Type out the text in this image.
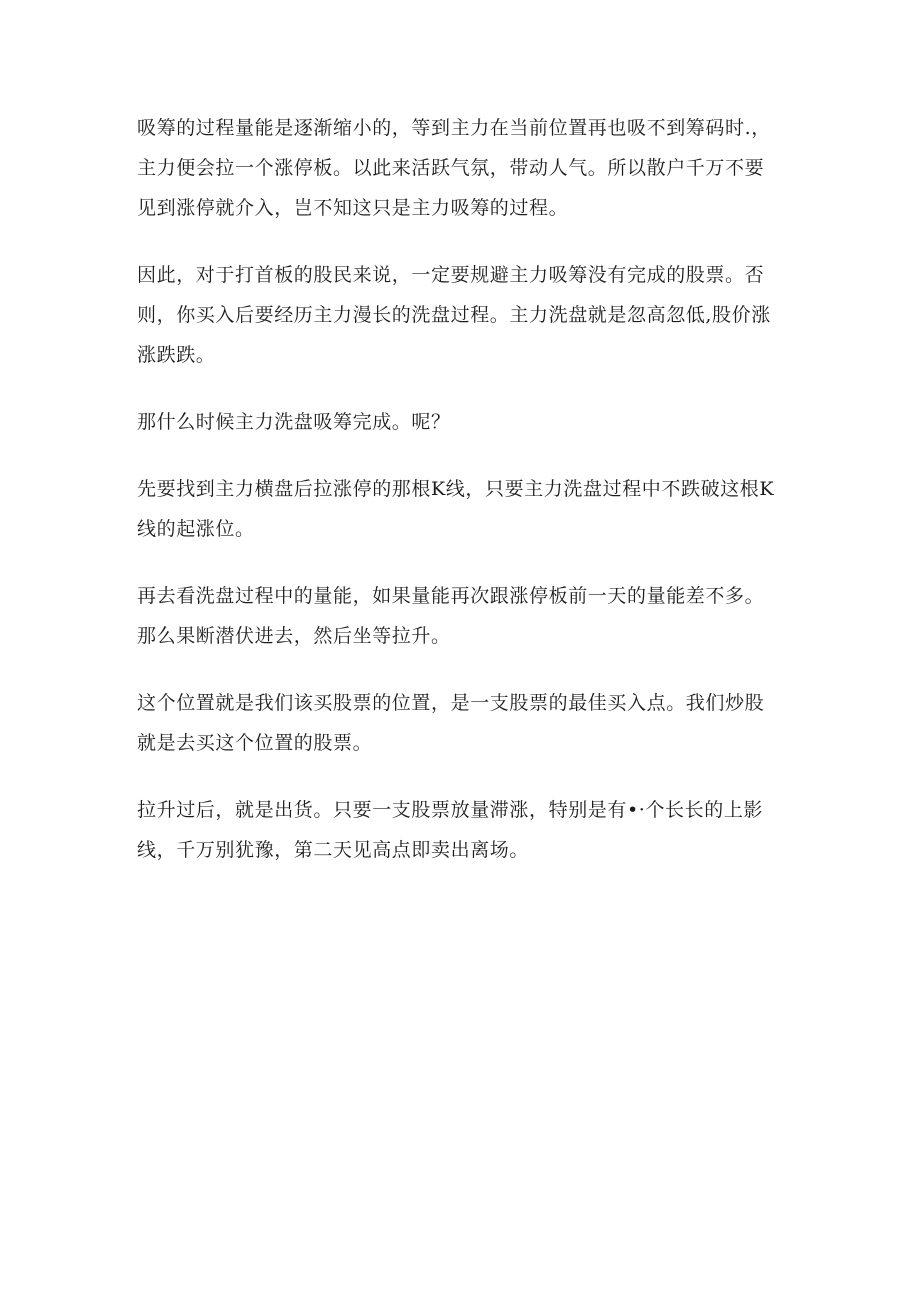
吸筹的过程量能是逐渐缩小的，等到主力在当前位置再也吸不到筹码时.，
主力便会拉一个涨停板。以此来活跃气氛，带动人气。所以散户千万不要
见到涨停就介入，岂不知这只是主力吸筹的过程。

因此，对于打首板的股民来说，一定要规避主力吸筹没有完成的股票。否
则，你买入后要经历主力漫长的洗盘过程。主力洗盘就是忽高忽低,股价涨
涨跌跌。

那什么时候主力洗盘吸筹完成。呢？

先要找到主力横盘后拉涨停的那根K线，只要主力洗盘过程中不跌破这根K
线的起涨位。

再去看洗盘过程中的量能，如果量能再次跟涨停板前一天的量能差不多。
那么果断潜伏进去，然后坐等拉升。

这个位置就是我们该买股票的位置，是一支股票的最佳买入点。我们炒股
就是去买这个位置的股票。

拉升过后，就是出货。只要一支股票放量滞涨，特别是有•·个长长的上影
线，千万别犹豫，第二天见高点即卖出离场。
